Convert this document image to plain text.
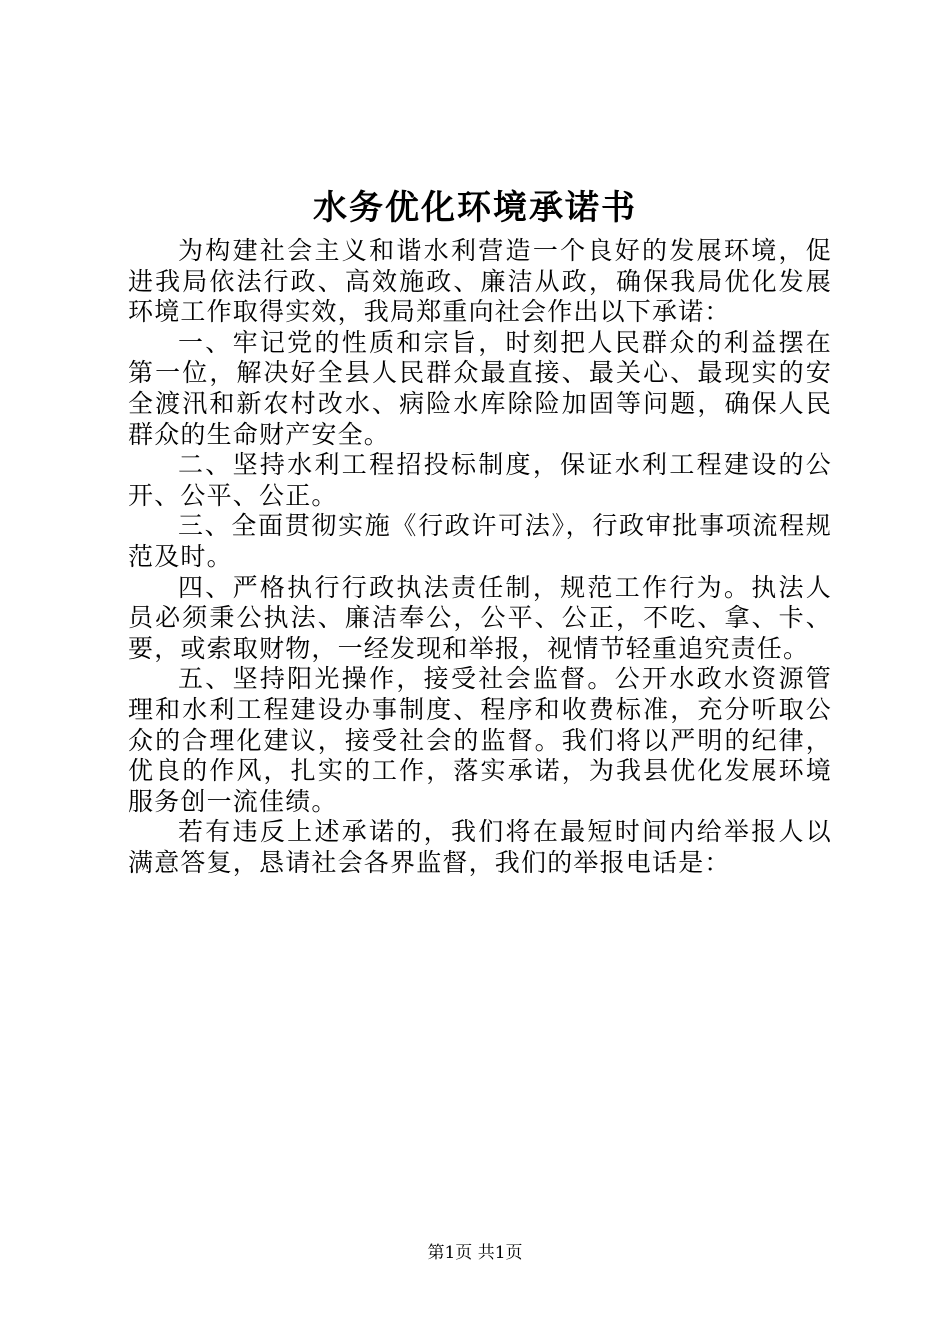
水务优化环境承诺书

为构建社会主义和谐水利营造一个良好的发展环境，促进我局依法行政、高效施政、廉洁从政，确保我局优化发展环境工作取得实效，我局郑重向社会作出以下承诺：

一、牢记党的性质和宗旨，时刻把人民群众的利益摆在第一位，解决好全县人民群众最直接、最关心、最现实的安全渡汛和新农村改水、病险水库除险加固等问题，确保人民群众的生命财产安全。

二、坚持水利工程招投标制度，保证水利工程建设的公开、公平、公正。

三、全面贯彻实施《行政许可法》，行政审批事项流程规范及时。

四、严格执行行政执法责任制，规范工作行为。执法人员必须秉公执法、廉洁奉公，公平、公正，不吃、拿、卡、要，或索取财物，一经发现和举报，视情节轻重追究责任。

五、坚持阳光操作，接受社会监督。公开水政水资源管理和水利工程建设办事制度、程序和收费标准，充分听取公众的合理化建议，接受社会的监督。我们将以严明的纪律，优良的作风，扎实的工作，落实承诺，为我县优化发展环境服务创一流佳绩。

若有违反上述承诺的，我们将在最短时间内给举报人以满意答复，恳请社会各界监督，我们的举报电话是：

第1页 共1页
